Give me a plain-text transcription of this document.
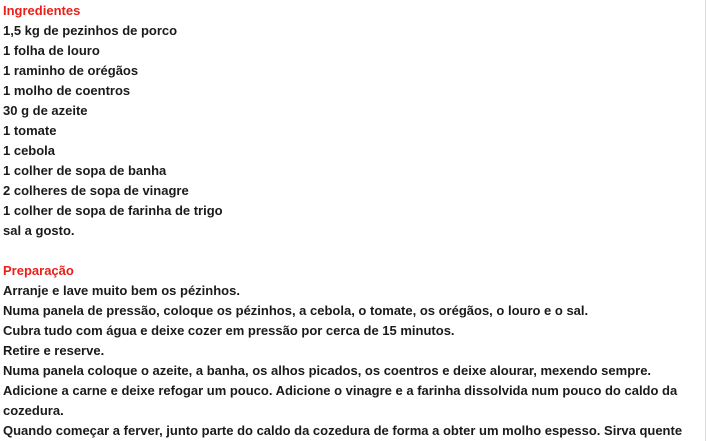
Ingredientes
1,5 kg de pezinhos de porco
1 folha de louro
1 raminho de orégãos
1 molho de coentros
30 g de azeite
1 tomate
1 cebola
1 colher de sopa de banha
2 colheres de sopa de vinagre
1 colher de sopa de farinha de trigo
sal a gosto.
Preparação
Arranje e lave muito bem os pézinhos.
Numa panela de pressão, coloque os pézinhos, a cebola, o tomate, os orégãos, o louro e o sal.
Cubra tudo com água e deixe cozer em pressão por cerca de 15 minutos.
Retire e reserve.
Numa panela coloque o azeite, a banha, os alhos picados, os coentros e deixe alourar, mexendo sempre.
Adicione a carne e deixe refogar um pouco. Adicione o vinagre e a farinha dissolvida num pouco do caldo da
cozedura.
Quando começar a ferver, junto parte do caldo da cozedura de forma a obter um molho espesso. Sirva quente
